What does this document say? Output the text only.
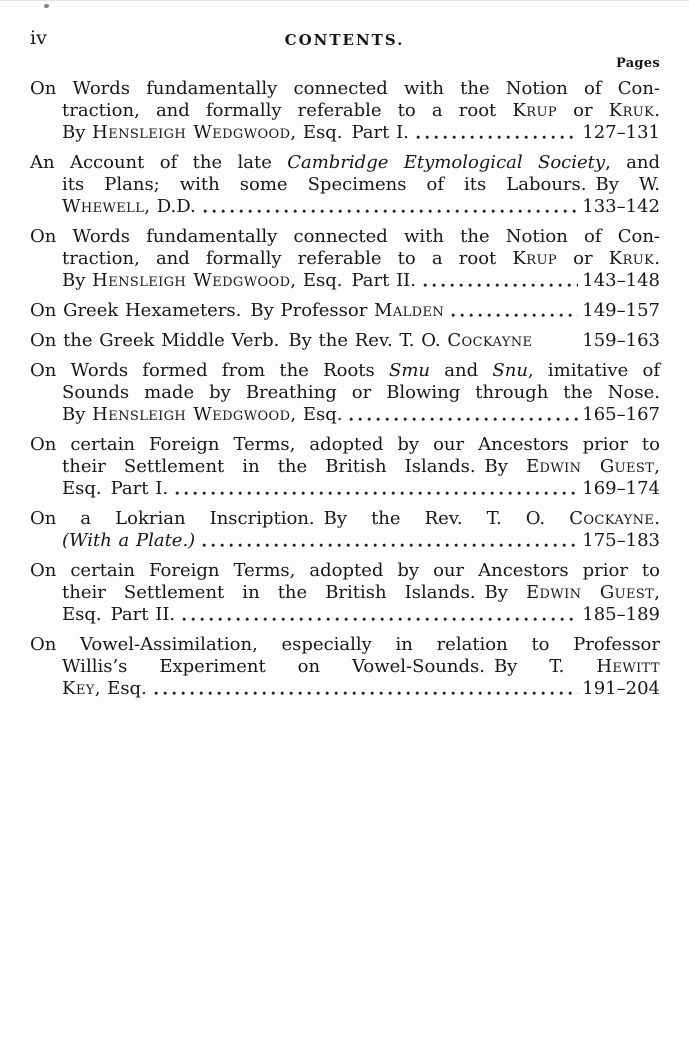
iv	CONTENTS.
Pages
On Words fundamentally connected with the Notion of Con-
traction, and formally referable to a root Krup or Kruk.
By Hensleigh Wedgwood, Esq. Part I.	127–131
An Account of the late Cambridge Etymological Society, and
its Plans; with some Specimens of its Labours. By W.
Whewell, D.D.	133–142
On Words fundamentally connected with the Notion of Con-
traction, and formally referable to a root Krup or Kruk.
By Hensleigh Wedgwood, Esq. Part II.	143–148
On Greek Hexameters. By Professor Malden	149–157
On the Greek Middle Verb. By the Rev. T. O. Cockayne	159–163
On Words formed from the Roots Smu and Snu, imitative of
Sounds made by Breathing or Blowing through the Nose.
By Hensleigh Wedgwood, Esq.	165–167
On certain Foreign Terms, adopted by our Ancestors prior to
their Settlement in the British Islands. By Edwin Guest,
Esq. Part I.	169–174
On a Lokrian Inscription. By the Rev. T. O. Cockayne.
(With a Plate.)	175–183
On certain Foreign Terms, adopted by our Ancestors prior to
their Settlement in the British Islands. By Edwin Guest,
Esq. Part II.	185–189
On Vowel-Assimilation, especially in relation to Professor
Willis’s Experiment on Vowel-Sounds. By T. Hewitt
Key, Esq.	191–204
